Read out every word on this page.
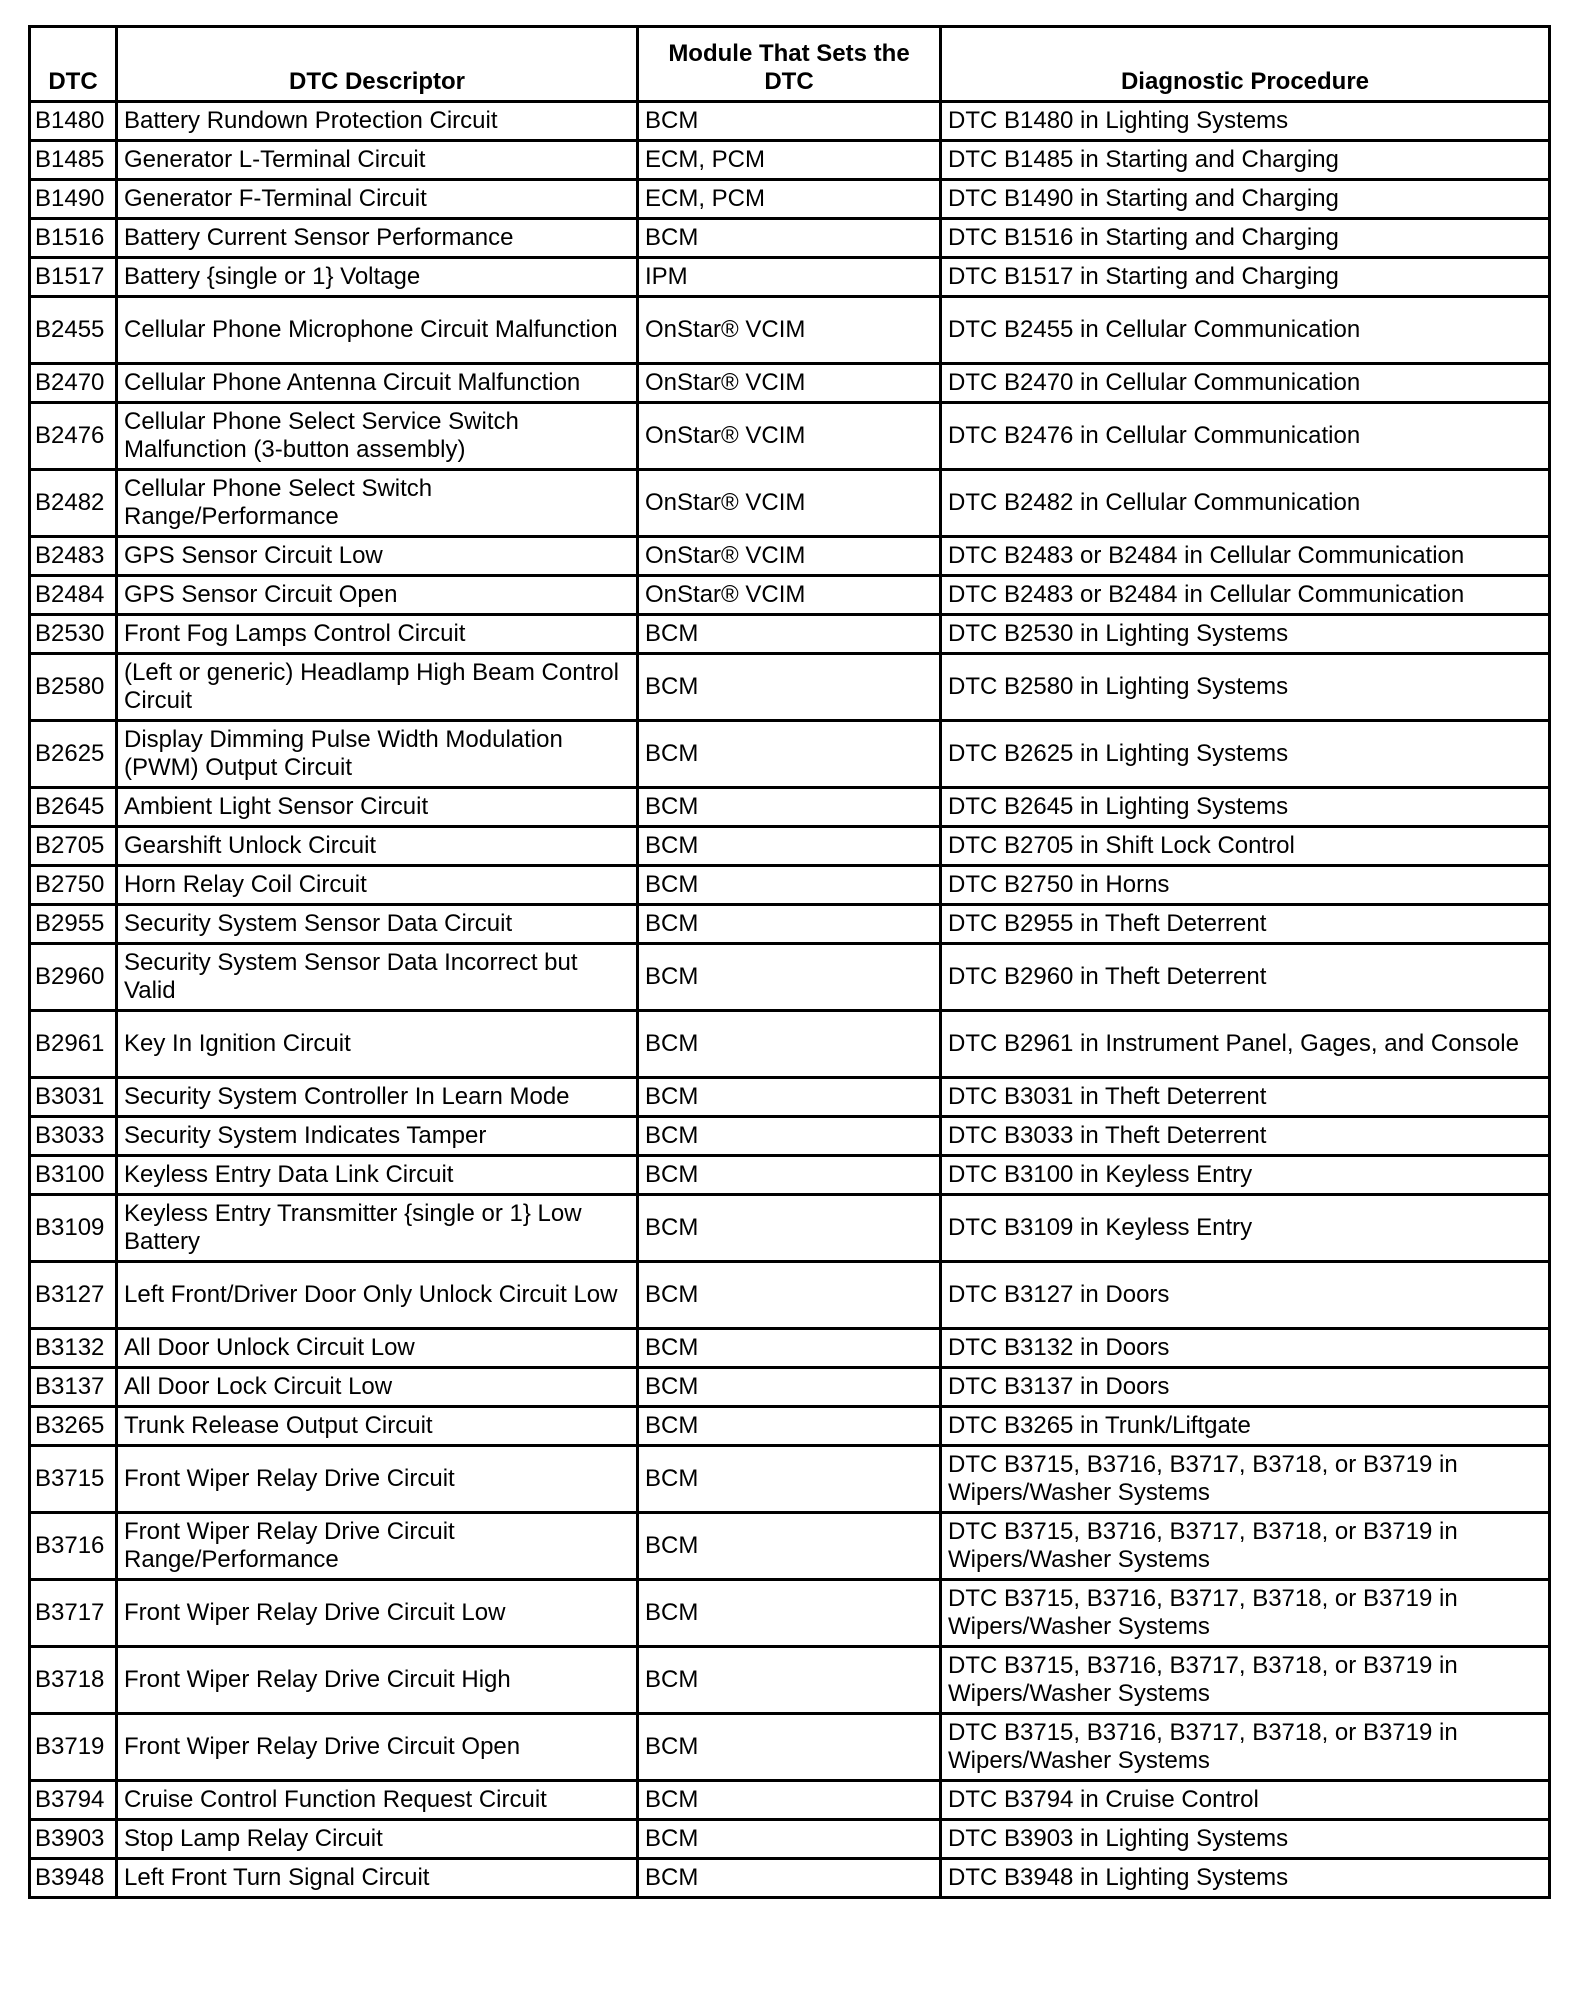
DTC	DTC Descriptor	Module That Sets the DTC	Diagnostic Procedure
B1480	Battery Rundown Protection Circuit	BCM	DTC B1480 in Lighting Systems
B1485	Generator L-Terminal Circuit	ECM, PCM	DTC B1485 in Starting and Charging
B1490	Generator F-Terminal Circuit	ECM, PCM	DTC B1490 in Starting and Charging
B1516	Battery Current Sensor Performance	BCM	DTC B1516 in Starting and Charging
B1517	Battery {single or 1} Voltage	IPM	DTC B1517 in Starting and Charging
B2455	Cellular Phone Microphone Circuit Malfunction	OnStar® VCIM	DTC B2455 in Cellular Communication
B2470	Cellular Phone Antenna Circuit Malfunction	OnStar® VCIM	DTC B2470 in Cellular Communication
B2476	Cellular Phone Select Service Switch Malfunction (3-button assembly)	OnStar® VCIM	DTC B2476 in Cellular Communication
B2482	Cellular Phone Select Switch Range/Performance	OnStar® VCIM	DTC B2482 in Cellular Communication
B2483	GPS Sensor Circuit Low	OnStar® VCIM	DTC B2483 or B2484 in Cellular Communication
B2484	GPS Sensor Circuit Open	OnStar® VCIM	DTC B2483 or B2484 in Cellular Communication
B2530	Front Fog Lamps Control Circuit	BCM	DTC B2530 in Lighting Systems
B2580	(Left or generic) Headlamp High Beam Control Circuit	BCM	DTC B2580 in Lighting Systems
B2625	Display Dimming Pulse Width Modulation (PWM) Output Circuit	BCM	DTC B2625 in Lighting Systems
B2645	Ambient Light Sensor Circuit	BCM	DTC B2645 in Lighting Systems
B2705	Gearshift Unlock Circuit	BCM	DTC B2705 in Shift Lock Control
B2750	Horn Relay Coil Circuit	BCM	DTC B2750 in Horns
B2955	Security System Sensor Data Circuit	BCM	DTC B2955 in Theft Deterrent
B2960	Security System Sensor Data Incorrect but Valid	BCM	DTC B2960 in Theft Deterrent
B2961	Key In Ignition Circuit	BCM	DTC B2961 in Instrument Panel, Gages, and Console
B3031	Security System Controller In Learn Mode	BCM	DTC B3031 in Theft Deterrent
B3033	Security System Indicates Tamper	BCM	DTC B3033 in Theft Deterrent
B3100	Keyless Entry Data Link Circuit	BCM	DTC B3100 in Keyless Entry
B3109	Keyless Entry Transmitter {single or 1} Low Battery	BCM	DTC B3109 in Keyless Entry
B3127	Left Front/Driver Door Only Unlock Circuit Low	BCM	DTC B3127 in Doors
B3132	All Door Unlock Circuit Low	BCM	DTC B3132 in Doors
B3137	All Door Lock Circuit Low	BCM	DTC B3137 in Doors
B3265	Trunk Release Output Circuit	BCM	DTC B3265 in Trunk/Liftgate
B3715	Front Wiper Relay Drive Circuit	BCM	DTC B3715, B3716, B3717, B3718, or B3719 in Wipers/Washer Systems
B3716	Front Wiper Relay Drive Circuit Range/Performance	BCM	DTC B3715, B3716, B3717, B3718, or B3719 in Wipers/Washer Systems
B3717	Front Wiper Relay Drive Circuit Low	BCM	DTC B3715, B3716, B3717, B3718, or B3719 in Wipers/Washer Systems
B3718	Front Wiper Relay Drive Circuit High	BCM	DTC B3715, B3716, B3717, B3718, or B3719 in Wipers/Washer Systems
B3719	Front Wiper Relay Drive Circuit Open	BCM	DTC B3715, B3716, B3717, B3718, or B3719 in Wipers/Washer Systems
B3794	Cruise Control Function Request Circuit	BCM	DTC B3794 in Cruise Control
B3903	Stop Lamp Relay Circuit	BCM	DTC B3903 in Lighting Systems
B3948	Left Front Turn Signal Circuit	BCM	DTC B3948 in Lighting Systems
